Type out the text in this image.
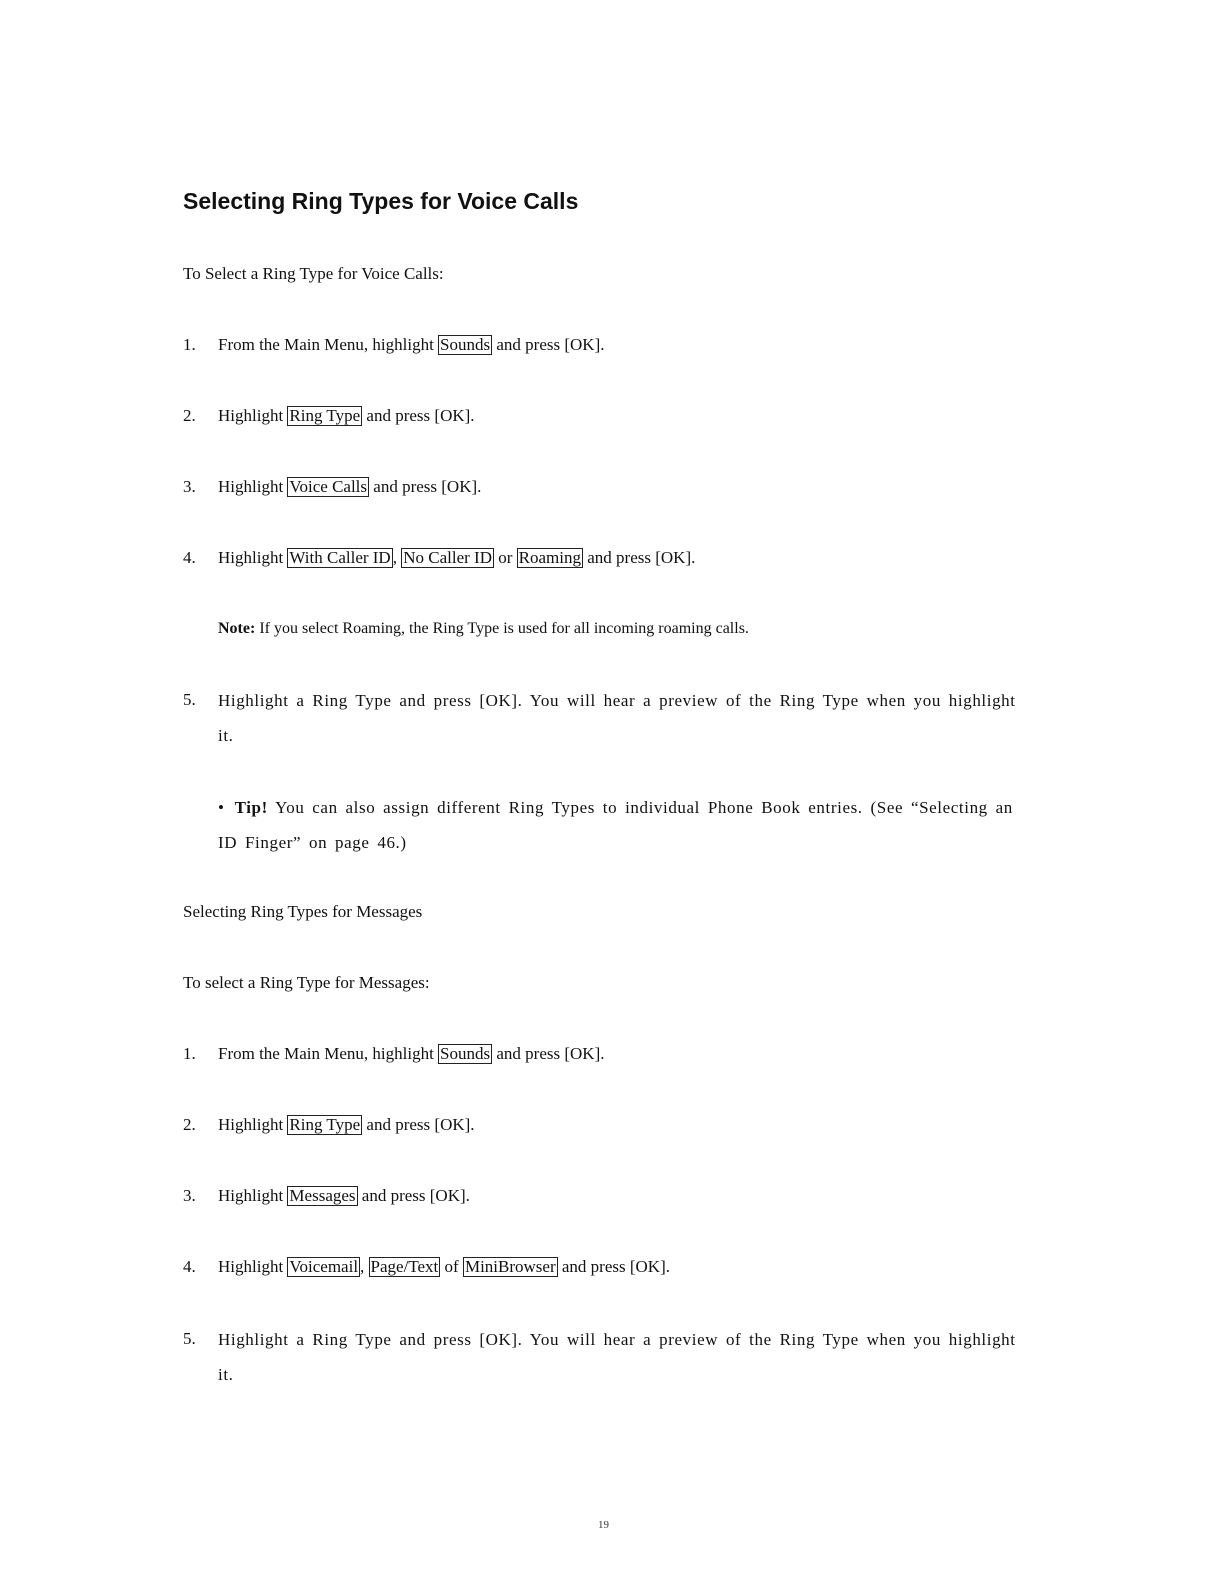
Selecting Ring Types for Voice Calls
To Select a Ring Type for Voice Calls:
1. From the Main Menu, highlight Sounds and press [OK].
2. Highlight Ring Type and press [OK].
3. Highlight Voice Calls and press [OK].
4. Highlight With Caller ID , No Caller ID or Roaming and press [OK].
Note: If you select Roaming, the Ring Type is used for all incoming roaming calls.
5. Highlight a Ring Type and press [OK]. You will hear a preview of the Ring Type when you highlight it.
• Tip! You can also assign different Ring Types to individual Phone Book entries. (See “Selecting an ID Finger” on page 46.)
Selecting Ring Types for Messages
To select a Ring Type for Messages:
1. From the Main Menu, highlight Sounds and press [OK].
2. Highlight Ring Type and press [OK].
3. Highlight Messages and press [OK].
4. Highlight Voicemail , Page/Text of MiniBrowser and press [OK].
5. Highlight a Ring Type and press [OK]. You will hear a preview of the Ring Type when you highlight it.
19
